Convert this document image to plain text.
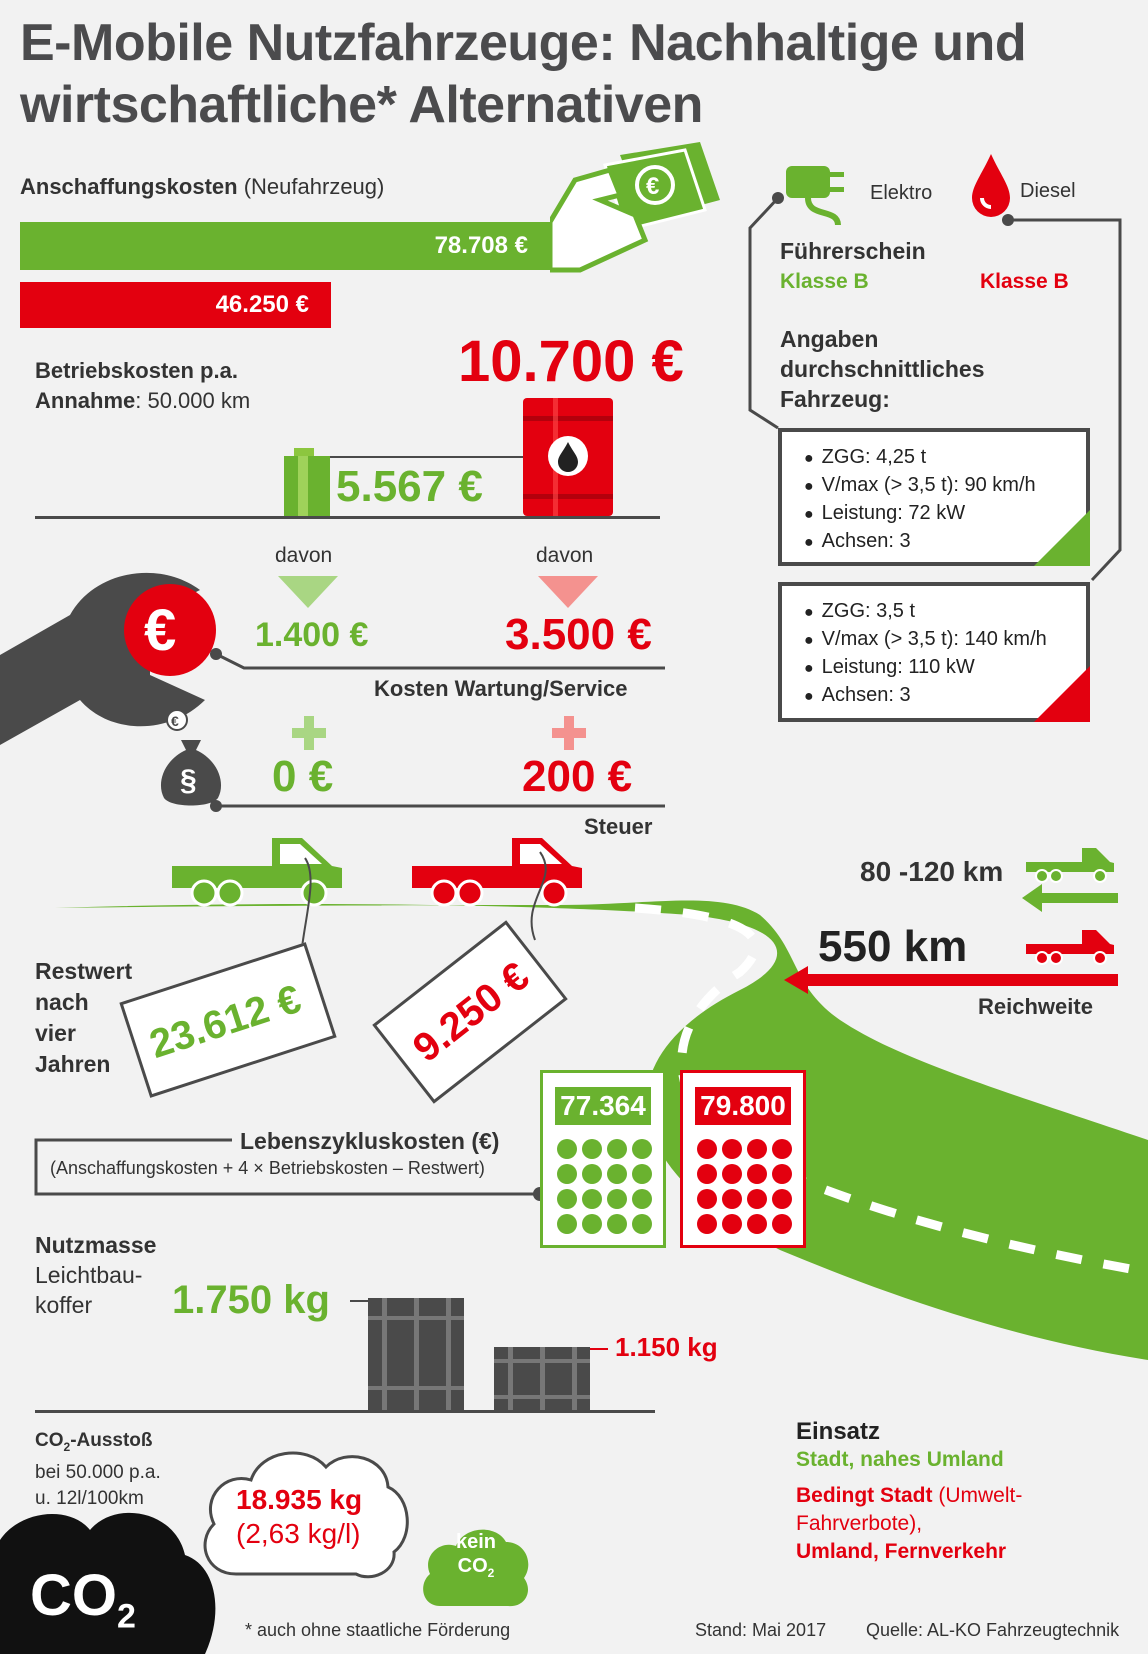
E-Mobile Nutzfahrzeuge: Nachhaltige und
wirtschaftliche* Alternativen
Anschaffungskosten (Neufahrzeug)
78.708 €
46.250 €
€	Elektro	Diesel
Führerschein
Klasse B	Klasse B
Angaben
durchschnittliches
Fahrzeug:
● ZGG: 4,25 t
● V/max (> 3,5 t): 90 km/h
● Leistung: 72 kW
● Achsen: 3
● ZGG: 3,5 t
● V/max (> 3,5 t): 140 km/h
● Leistung: 110 kW
● Achsen: 3
Betriebskosten p.a.
Annahme: 50.000 km
10.700 €
5.567 €
davon	davon
€ 1.400 €	3.500 €
Kosten Wartung/Service
€
§ 0 €	200 €
Steuer
Restwert
nach
vier
Jahren 23.612 €	9.250 €
80 -120 km
550 km
Reichweite
Lebenszykluskosten (€)
(Anschaffungskosten + 4 × Betriebskosten – Restwert)
77.364 79.800
Nutzmasse
Leichtbau-
koffer	1.750 kg
1.150 kg
$CO_2$-Ausstoß
bei 50.000 p.a.
u. 12l/100km	18.935 kg
(2,63 kg/l)	kein
$CO_2$
$CO_2$
Einsatz
Stadt, nahes Umland
Bedingt Stadt (Umwelt-
Fahrverbote),
Umland, Fernverkehr
* auch ohne staatliche Förderung	Stand: Mai 2017 Quelle: AL-KO Fahrzeugtechnik
